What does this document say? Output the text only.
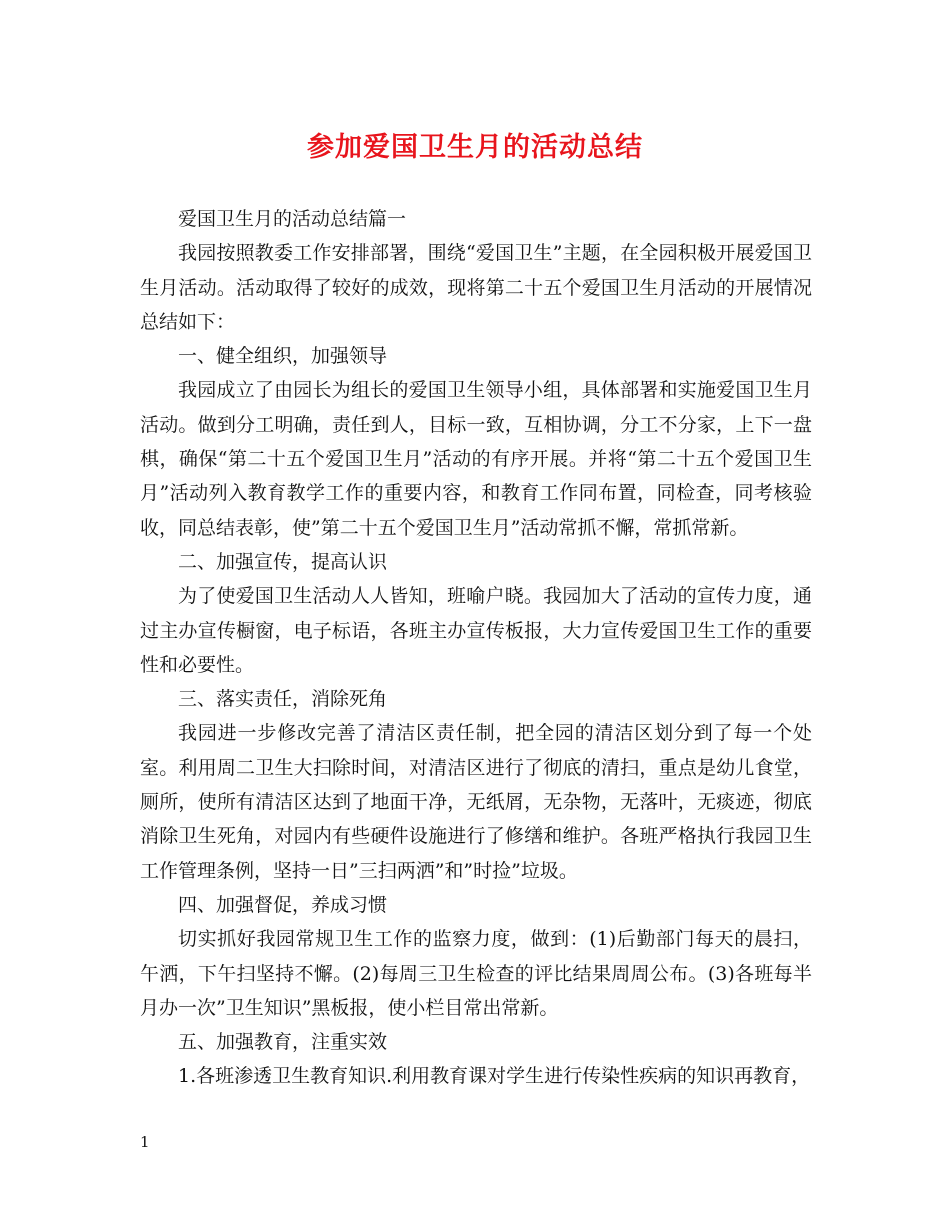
参加爱国卫生月的活动总结

爱国卫生月的活动总结篇一

我园按照教委工作安排部署，围绕“爱国卫生”主题，在全园积极开展爱国卫生月活动。活动取得了较好的成效，现将第二十五个爱国卫生月活动的开展情况总结如下：

一、健全组织，加强领导

我园成立了由园长为组长的爱国卫生领导小组，具体部署和实施爱国卫生月活动。做到分工明确，责任到人，目标一致，互相协调，分工不分家，上下一盘棋，确保“第二十五个爱国卫生月”活动的有序开展。并将“第二十五个爱国卫生月”活动列入教育教学工作的重要内容，和教育工作同布置，同检查，同考核验收，同总结表彰，使”第二十五个爱国卫生月”活动常抓不懈，常抓常新。

二、加强宣传，提高认识

为了使爱国卫生活动人人皆知，班喻户晓。我园加大了活动的宣传力度，通过主办宣传橱窗，电子标语，各班主办宣传板报，大力宣传爱国卫生工作的重要性和必要性。

三、落实责任，消除死角

我园进一步修改完善了清洁区责任制，把全园的清洁区划分到了每一个处室。利用周二卫生大扫除时间，对清洁区进行了彻底的清扫，重点是幼儿食堂，厕所，使所有清洁区达到了地面干净，无纸屑，无杂物，无落叶，无痰迹，彻底消除卫生死角，对园内有些硬件设施进行了修缮和维护。各班严格执行我园卫生工作管理条例，坚持一日”三扫两洒”和”时捡”垃圾。

四、加强督促，养成习惯

切实抓好我园常规卫生工作的监察力度，做到：(1)后勤部门每天的晨扫，午洒，下午扫坚持不懈。(2)每周三卫生检查的评比结果周周公布。(3)各班每半月办一次”卫生知识”黑板报，使小栏目常出常新。

五、加强教育，注重实效

1.各班渗透卫生教育知识.利用教育课对学生进行传染性疾病的知识再教育，

1
